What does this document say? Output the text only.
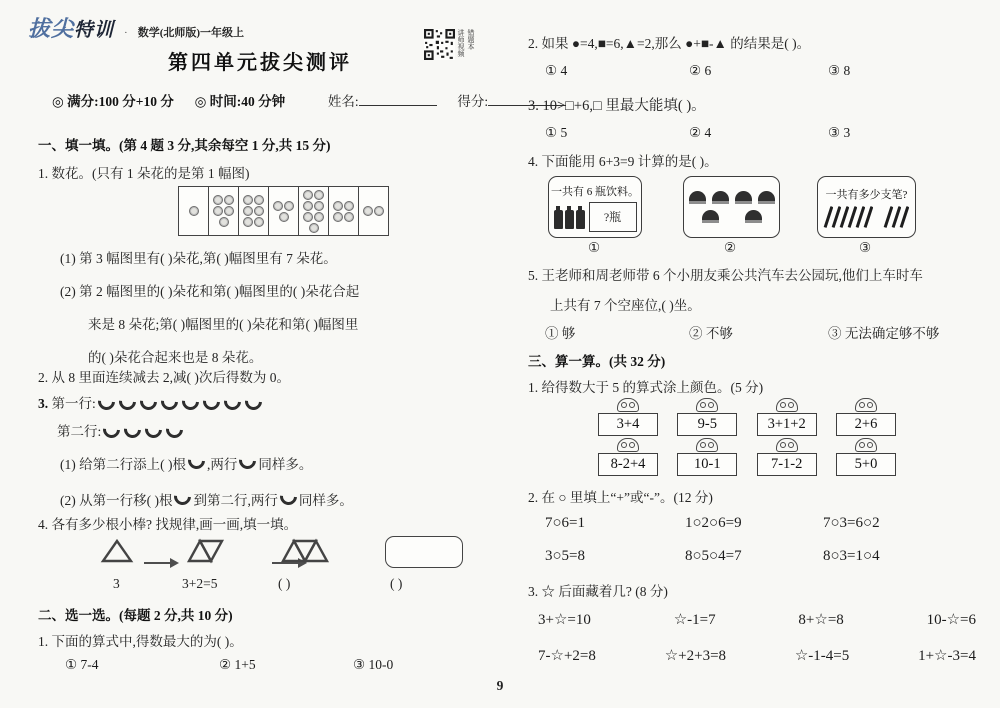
拔尖特训 · 数学(北师版)一年级上
第四单元拔尖测评
讲师视频 错题本
◎ 满分:100 分+10 分 ◎ 时间:40 分钟	姓名:	得分:
一、填一填。(第 4 题 3 分,其余每空 1 分,共 15 分)
1. 数花。(只有 1 朵花的是第 1 幅图)
(1) 第 3 幅图里有( )朵花,第( )幅图里有 7 朵花。
(2) 第 2 幅图里的( )朵花和第( )幅图里的( )朵花合起
来是 8 朵花;第( )幅图里的( )朵花和第( )幅图里
的( )朵花合起来也是 8 朵花。
2. 从 8 里面连续减去 2,减( )次后得数为 0。
3. 第一行:
第二行:
(1) 给第二行添上( )根 ,两行 同样多。
(2) 从第一行移( )根 到第二行,两行 同样多。
4. 各有多少根小棒? 找规律,画一画,填一填。

3	3+2=5	( )	( )
二、选一选。(每题 2 分,共 10 分)
1. 下面的算式中,得数最大的为( )。
① 7-4	② 1+5	③ 10-0
2. 如果 ●=4,■=6,▲=2,那么 ●+■-▲ 的结果是( )。
① 4	② 6	③ 8
3. 10>□+6,□ 里最大能填( )。
① 5	② 4	③ 3
4. 下面能用 6+3=9 计算的是( )。
一共有 6 瓶饮料。
?瓶
一共有多少支笔?
①	②	③
5. 王老师和周老师带 6 个小朋友乘公共汽车去公园玩,他们上车时车
上共有 7 个空座位,( )坐。
① 够	② 不够	③ 无法确定够不够
三、算一算。(共 32 分)
1. 给得数大于 5 的算式涂上颜色。(5 分)
3+4	9-5	3+1+2	2+6
8-2+4	10-1	7-1-2	5+0
2. 在 ○ 里填上“+”或“-”。(12 分)
7○6=1	1○2○6=9	7○3=6○2
3○5=8	8○5○4=7	8○3=1○4
3. ☆ 后面藏着几? (8 分)
3+☆=10	☆-1=7	8+☆=8	10-☆=6
7-☆+2=8	☆+2+3=8	☆-1-4=5	1+☆-3=4
9
